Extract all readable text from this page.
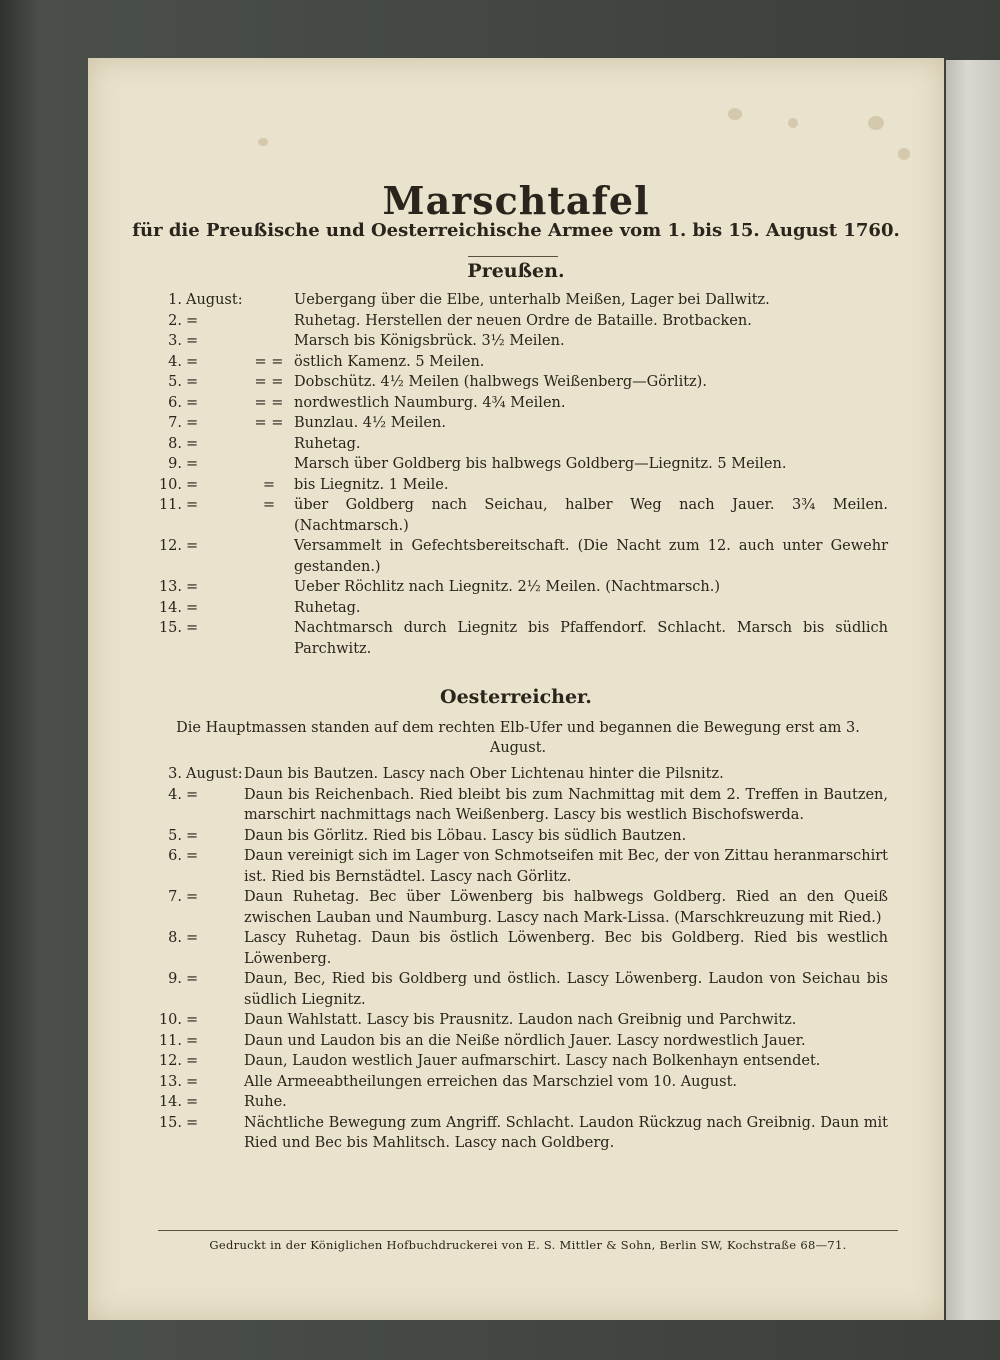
Marschtafel
für die Preußische und Oesterreichische Armee vom 1. bis 15. August 1760.
Preußen.
1. August:	Uebergang über die Elbe, unterhalb Meißen, Lager bei Dallwitz.
2. =	Ruhetag. Herstellen der neuen Ordre de Bataille. Brotbacken.
3. =	Marsch bis Königsbrück. 3½ Meilen.
4. =	= = östlich Kamenz. 5 Meilen.
5. =	= = Dobschütz. 4½ Meilen (halbwegs Weißenberg—Görlitz).
6. =	= = nordwestlich Naumburg. 4¾ Meilen.
7. =	= = Bunzlau. 4½ Meilen.
8. =	Ruhetag.
9. =	Marsch über Goldberg bis halbwegs Goldberg—Liegnitz. 5 Meilen.
10. =	=	bis Liegnitz. 1 Meile.
11. =	=	über Goldberg nach Seichau, halber Weg nach Jauer. 3¾ Meilen. (Nachtmarsch.)
12. =	Versammelt in Gefechtsbereitschaft. (Die Nacht zum 12. auch unter Gewehr gestanden.)
13. =	Ueber Röchlitz nach Liegnitz. 2½ Meilen. (Nachtmarsch.)
14. =	Ruhetag.
15. =	Nachtmarsch durch Liegnitz bis Pfaffendorf. Schlacht. Marsch bis südlich Parchwitz.
Oesterreicher.
Die Hauptmassen standen auf dem rechten Elb-Ufer und begannen die Bewegung erst am 3. August.
3. August: Daun bis Bautzen. Lascy nach Ober Lichtenau hinter die Pilsnitz.
4. =	Daun bis Reichenbach. Ried bleibt bis zum Nachmittag mit dem 2. Treffen in Bautzen, marschirt nachmittags nach Weißenberg. Lascy bis westlich Bischofswerda.
5. =	Daun bis Görlitz. Ried bis Löbau. Lascy bis südlich Bautzen.
6. =	Daun vereinigt sich im Lager von Schmotseifen mit Bec, der von Zittau heranmarschirt ist. Ried bis Bernstädtel. Lascy nach Görlitz.
7. =	Daun Ruhetag. Bec über Löwenberg bis halbwegs Goldberg. Ried an den Queiß zwischen Lauban und Naumburg. Lascy nach Mark-Lissa. (Marschkreuzung mit Ried.)
8. =	Lascy Ruhetag. Daun bis östlich Löwenberg. Bec bis Goldberg. Ried bis westlich Löwenberg.
9. =	Daun, Bec, Ried bis Goldberg und östlich. Lascy Löwenberg. Laudon von Seichau bis südlich Liegnitz.
10. =	Daun Wahlstatt. Lascy bis Prausnitz. Laudon nach Greibnig und Parchwitz.
11. =	Daun und Laudon bis an die Neiße nördlich Jauer. Lascy nordwestlich Jauer.
12. =	Daun, Laudon westlich Jauer aufmarschirt. Lascy nach Bolkenhayn entsendet.
13. =	Alle Armeeabtheilungen erreichen das Marschziel vom 10. August.
14. =	Ruhe.
15. =	Nächtliche Bewegung zum Angriff. Schlacht. Laudon Rückzug nach Greibnig. Daun mit Ried und Bec bis Mahlitsch. Lascy nach Goldberg.
Gedruckt in der Königlichen Hofbuchdruckerei von E. S. Mittler & Sohn, Berlin SW, Kochstraße 68—71.
